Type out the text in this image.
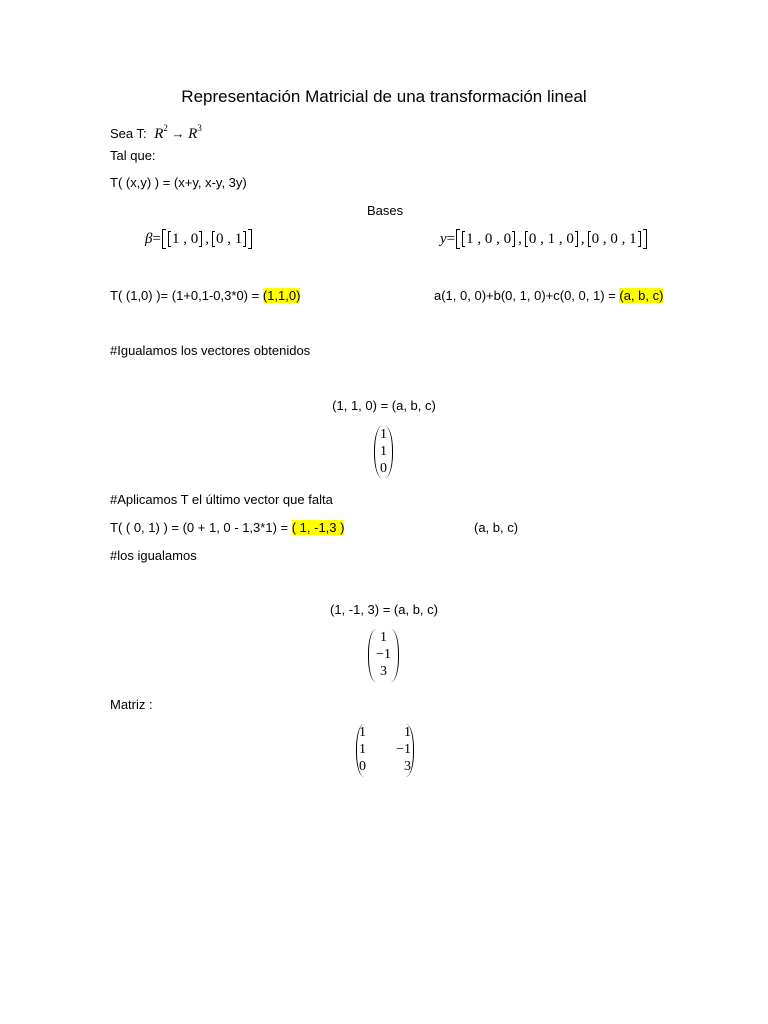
Representación Matricial de una transformación lineal
Sea T: $R^2 \to R^3$
Tal que:
T( (x,y) ) = (x+y, x-y, 3y)
Bases
β = 1 , 0 , 0 , 1	y = 1 , 0 , 0 , 0 , 1 , 0 , 0 , 0 , 1
T( (1,0) )= (1+0,1-0,3*0) = (1,1,0)	a(1, 0, 0)+b(0, 1, 0)+c(0, 0, 1) = (a, b, c)
#Igualamos los vectores obtenidos
(1, 1, 0) = (a, b, c)
1
1
0
#Aplicamos T el último vector que falta
T( ( 0, 1) ) = (0 + 1, 0 - 1,3*1) = ( 1, -1,3 )	(a, b, c)
#los igualamos
(1, -1, 3) = (a, b, c)
1
−1
3
Matriz :
1	1
1	−1
0	3
